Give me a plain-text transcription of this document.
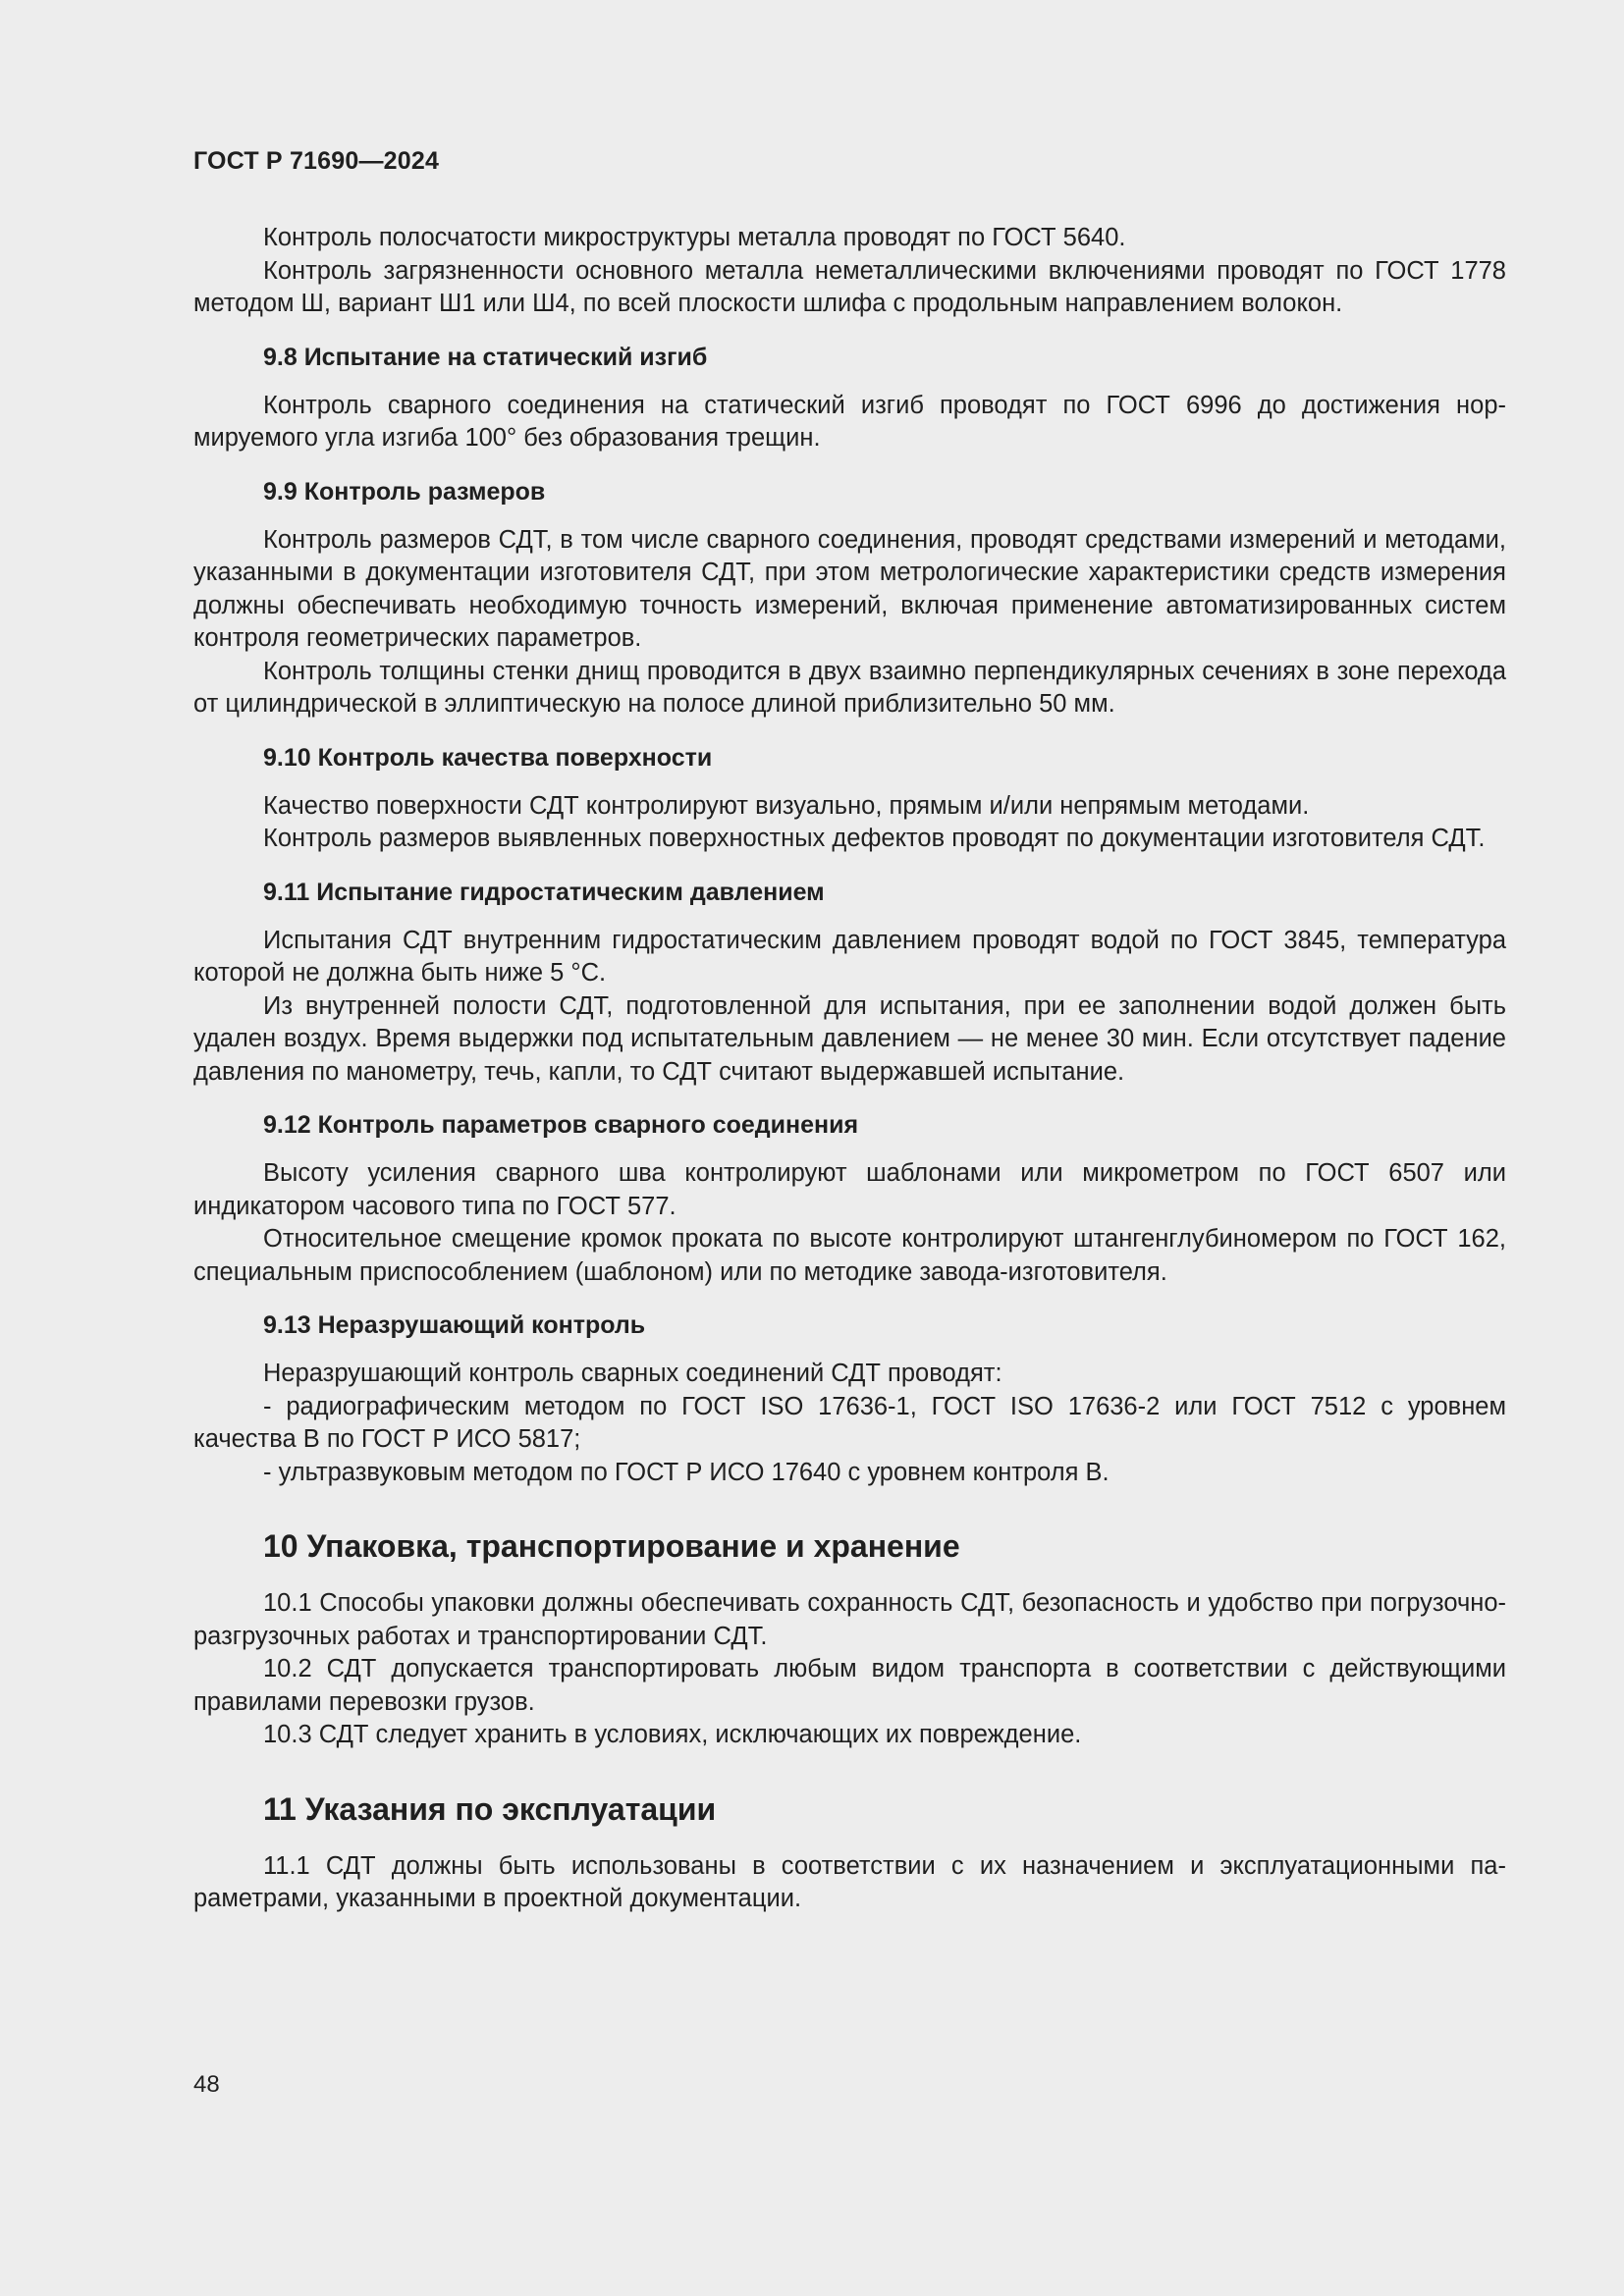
ГОСТ Р 71690—2024

Контроль полосчатости микроструктуры металла проводят по ГОСТ 5640.

Контроль загрязненности основного металла неметаллическими включениями проводят по ГОСТ 1778 методом Ш, вариант Ш1 или Ш4, по всей плоскости шлифа с продольным направлением волокон.

9.8 Испытание на статический изгиб

Контроль сварного соединения на статический изгиб проводят по ГОСТ 6996 до достижения нормируемого угла изгиба 100° без образования трещин.

9.9 Контроль размеров

Контроль размеров СДТ, в том числе сварного соединения, проводят средствами измерений и методами, указанными в документации изготовителя СДТ, при этом метрологические характеристики средств измерения должны обеспечивать необходимую точность измерений, включая применение автоматизированных систем контроля геометрических параметров.

Контроль толщины стенки днищ проводится в двух взаимно перпендикулярных сечениях в зоне перехода от цилиндрической в эллиптическую на полосе длиной приблизительно 50 мм.

9.10 Контроль качества поверхности

Качество поверхности СДТ контролируют визуально, прямым и/или непрямым методами.

Контроль размеров выявленных поверхностных дефектов проводят по документации изготовителя СДТ.

9.11 Испытание гидростатическим давлением

Испытания СДТ внутренним гидростатическим давлением проводят водой по ГОСТ 3845, температура которой не должна быть ниже 5 °С.

Из внутренней полости СДТ, подготовленной для испытания, при ее заполнении водой должен быть удален воздух. Время выдержки под испытательным давлением — не менее 30 мин. Если отсутствует падение давления по манометру, течь, капли, то СДТ считают выдержавшей испытание.

9.12 Контроль параметров сварного соединения

Высоту усиления сварного шва контролируют шаблонами или микрометром по ГОСТ 6507 или индикатором часового типа по ГОСТ 577.

Относительное смещение кромок проката по высоте контролируют штангенглубиномером по ГОСТ 162, специальным приспособлением (шаблоном) или по методике завода-изготовителя.

9.13 Неразрушающий контроль

Неразрушающий контроль сварных соединений СДТ проводят:

- радиографическим методом по ГОСТ ISO 17636-1, ГОСТ ISO 17636-2 или ГОСТ 7512 с уровнем качества В по ГОСТ Р ИСО 5817;

- ультразвуковым методом по ГОСТ Р ИСО 17640 с уровнем контроля В.

10 Упаковка, транспортирование и хранение

10.1 Способы упаковки должны обеспечивать сохранность СДТ, безопасность и удобство при погрузочно-разгрузочных работах и транспортировании СДТ.

10.2 СДТ допускается транспортировать любым видом транспорта в соответствии с действующими правилами перевозки грузов.

10.3 СДТ следует хранить в условиях, исключающих их повреждение.

11 Указания по эксплуатации

11.1 СДТ должны быть использованы в соответствии с их назначением и эксплуатационными параметрами, указанными в проектной документации.

48
